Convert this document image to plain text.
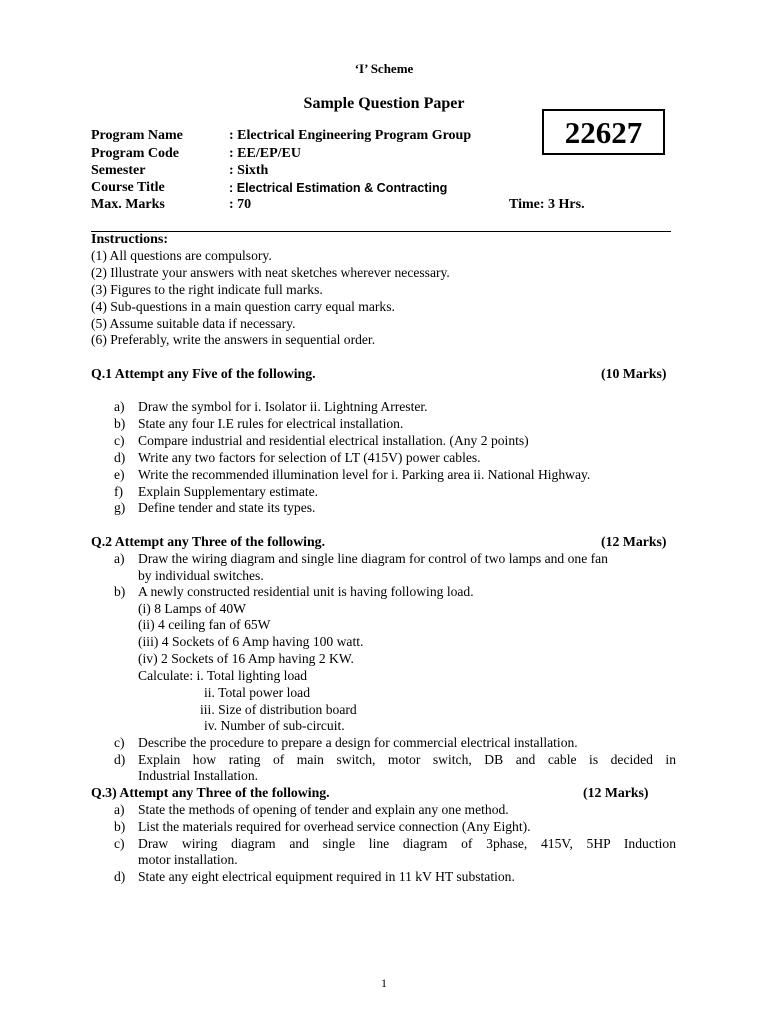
‘I’ Scheme
Sample Question Paper
22627
Program Name	: Electrical Engineering Program Group
Program Code	: EE/EP/EU
Semester	: Sixth
Course Title	: Electrical Estimation & Contracting
Max. Marks	: 70	Time: 3 Hrs.
Instructions:
(1) All questions are compulsory.
(2) Illustrate your answers with neat sketches wherever necessary.
(3) Figures to the right indicate full marks.
(4) Sub-questions in a main question carry equal marks.
(5) Assume suitable data if necessary.
(6) Preferably, write the answers in sequential order.
Q.1 Attempt any Five of the following.	(10 Marks)
a) Draw the symbol for i. Isolator ii. Lightning Arrester.
b) State any four I.E rules for electrical installation.
c) Compare industrial and residential electrical installation. (Any 2 points)
d) Write any two factors for selection of LT (415V) power cables.
e) Write the recommended illumination level for i. Parking area ii. National Highway.
f) Explain Supplementary estimate.
g) Define tender and state its types.
Q.2 Attempt any Three of the following.	(12 Marks)
a) Draw the wiring diagram and single line diagram for control of two lamps and one fan
by individual switches.
b) A newly constructed residential unit is having following load.
(i) 8 Lamps of 40W
(ii) 4 ceiling fan of 65W
(iii) 4 Sockets of 6 Amp having 100 watt.
(iv) 2 Sockets of 16 Amp having 2 KW.
Calculate: i. Total lighting load
ii. Total power load
iii. Size of distribution board
iv. Number of sub-circuit.
c) Describe the procedure to prepare a design for commercial electrical installation.
d) Explain how rating of main switch, motor switch, DB and cable is decided in
Industrial Installation.
Q.3) Attempt any Three of the following.	(12 Marks)
a) State the methods of opening of tender and explain any one method.
b) List the materials required for overhead service connection (Any Eight).
c) Draw wiring diagram and single line diagram of 3phase, 415V, 5HP Induction
motor installation.
d) State any eight electrical equipment required in 11 kV HT substation.
1
